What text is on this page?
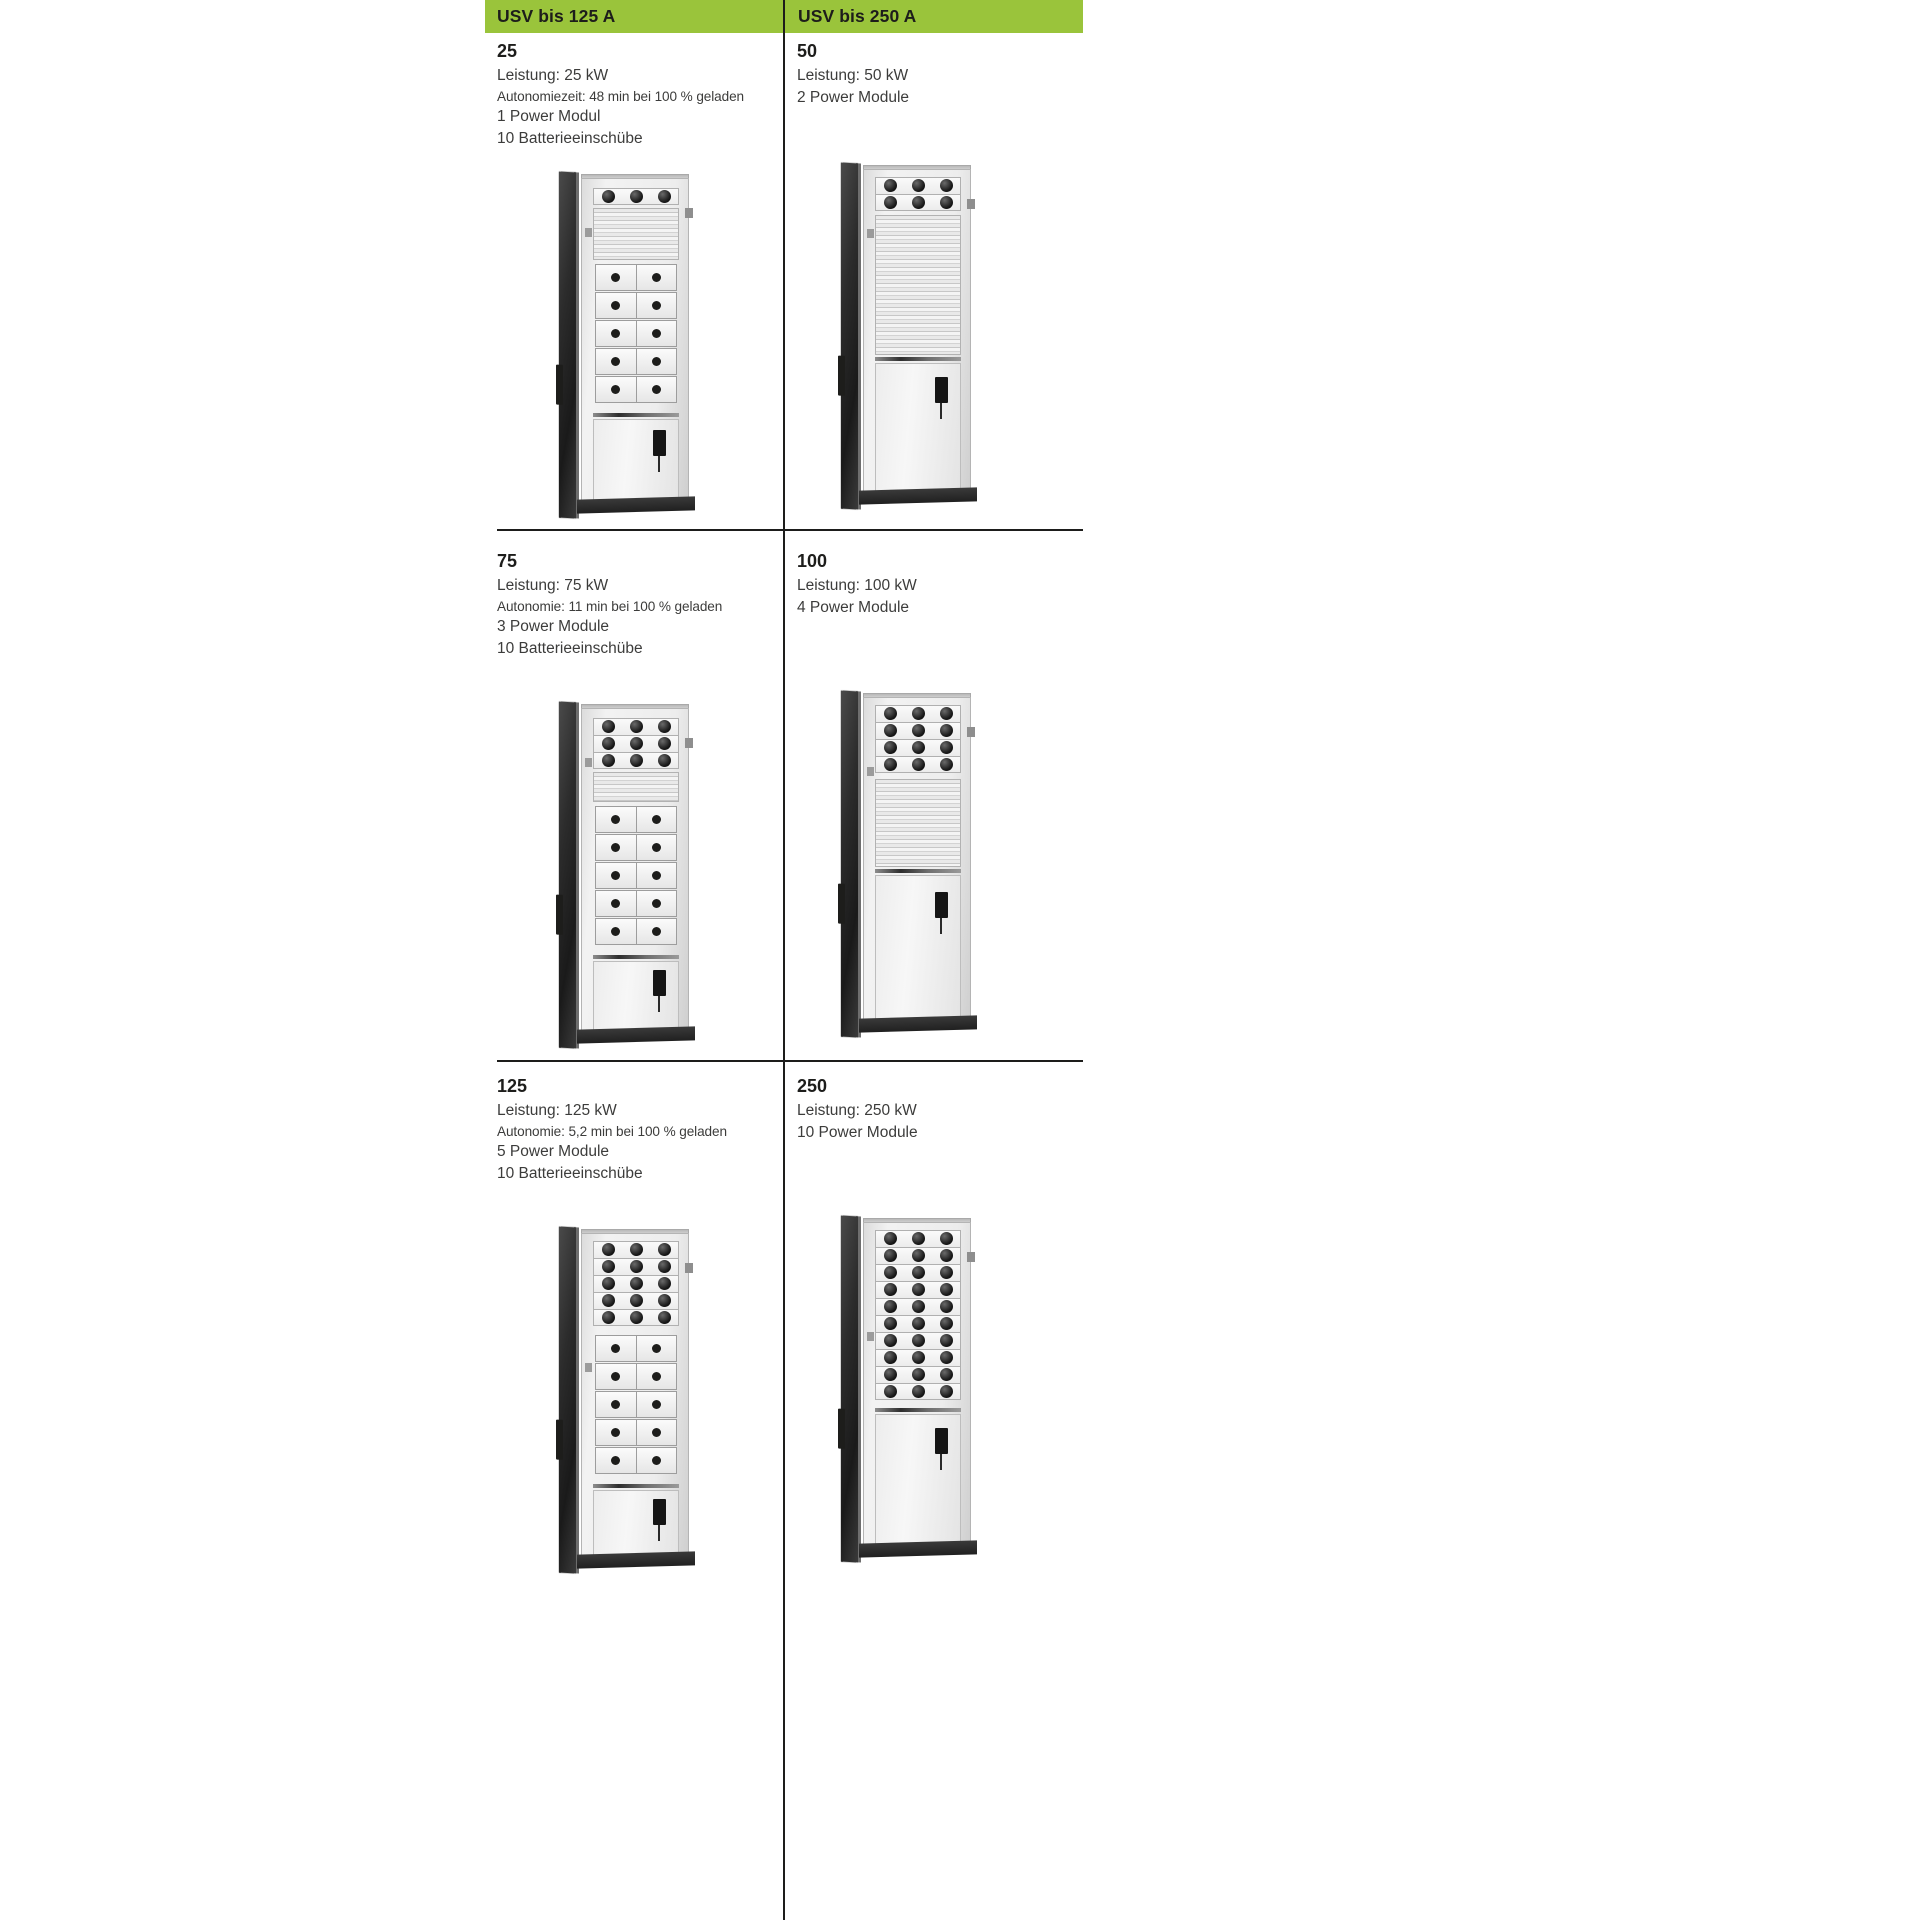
USV bis 125 A	USV bis 250 A
25
Leistung: 25 kW
Autonomiezeit: 48 min bei 100 % geladen
1 Power Modul
10 Batterieeinschübe
50
Leistung: 50 kW
2 Power Module
75
Leistung: 75 kW
Autonomie: 11 min bei 100 % geladen
3 Power Module
10 Batterieeinschübe
100
Leistung: 100 kW
4 Power Module
125
Leistung: 125 kW
Autonomie: 5,2 min bei 100 % geladen
5 Power Module
10 Batterieeinschübe
250
Leistung: 250 kW
10 Power Module
